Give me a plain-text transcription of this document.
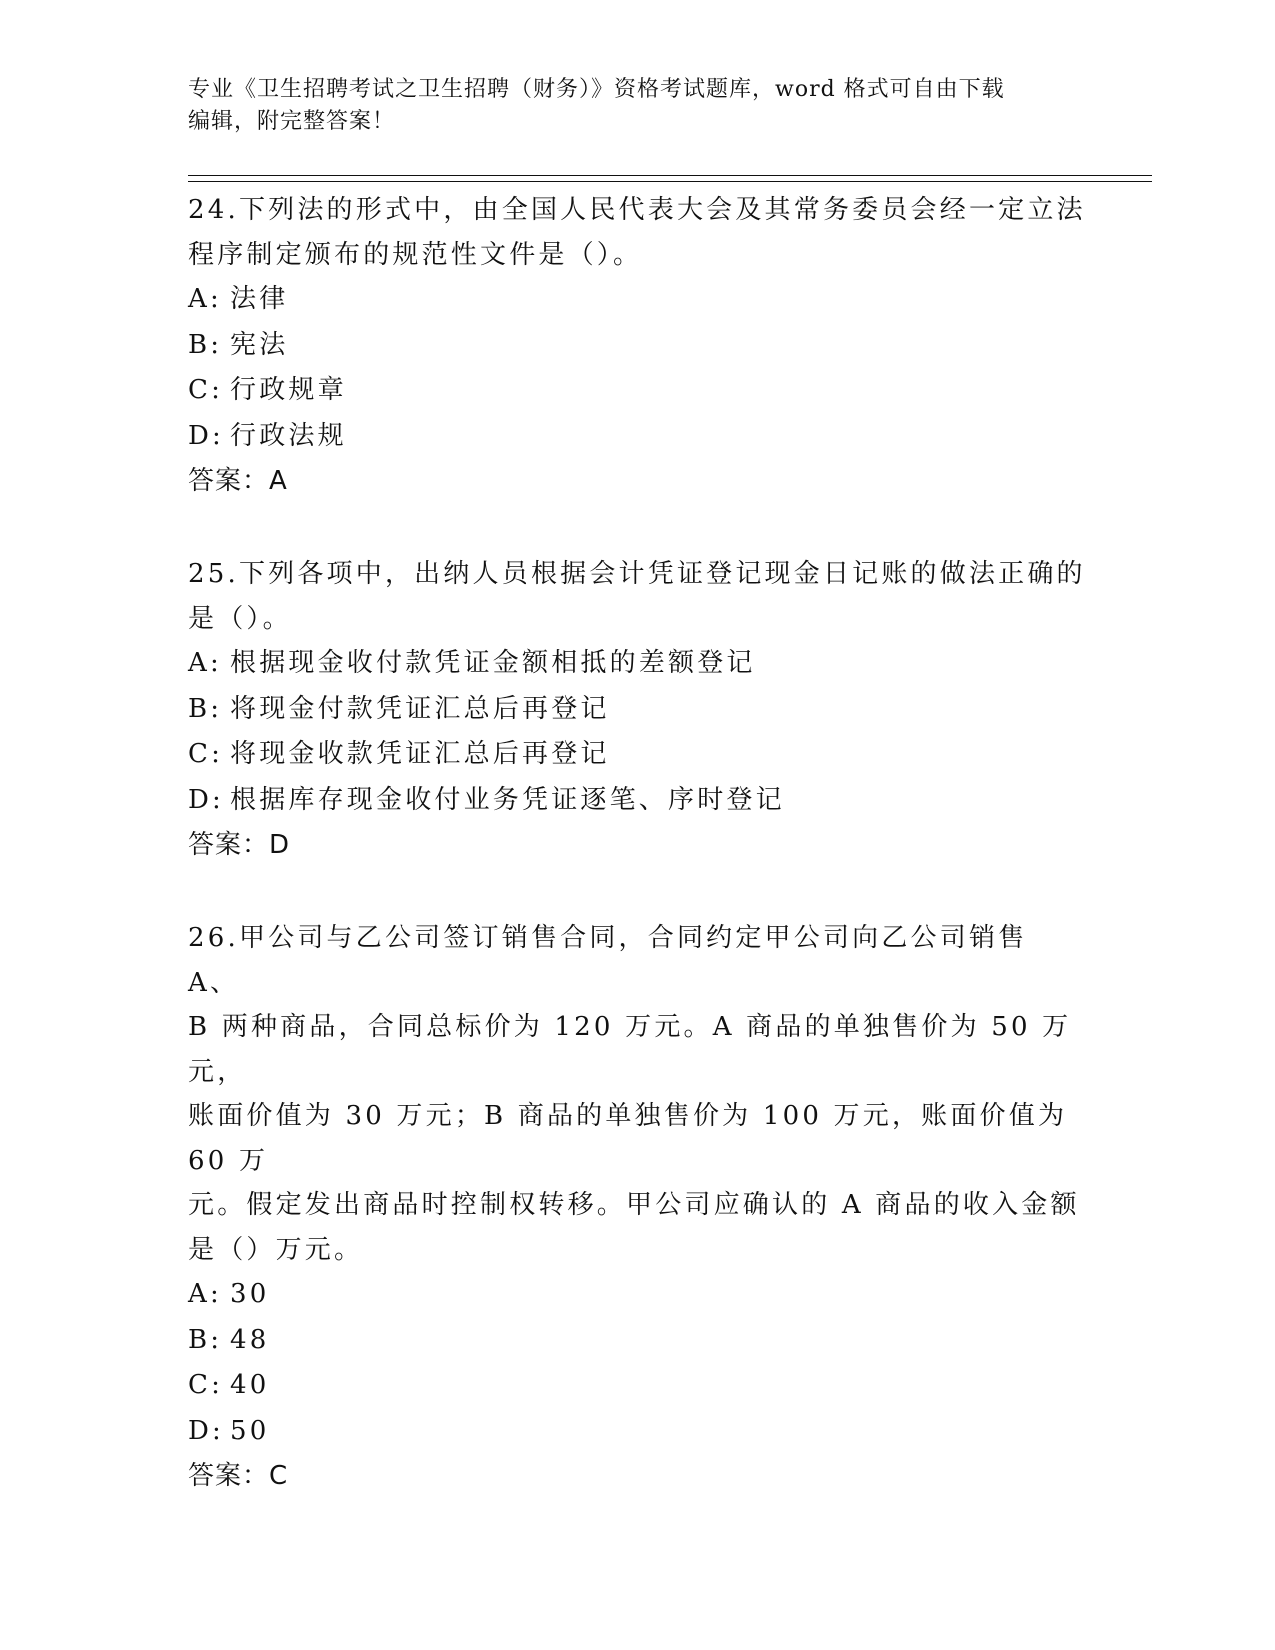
专业《卫生招聘考试之卫生招聘（财务）》资格考试题库，word 格式可自由下载
编辑，附完整答案！

24.下列法的形式中，由全国人民代表大会及其常务委员会经一定立法

程序制定颁布的规范性文件是（）。

A: 法律
B: 宪法
C: 行政规章
D: 行政法规

答案：A

25.下列各项中，出纳人员根据会计凭证登记现金日记账的做法正确的

是（）。

A: 根据现金收付款凭证金额相抵的差额登记
B: 将现金付款凭证汇总后再登记
C: 将现金收款凭证汇总后再登记
D: 根据库存现金收付业务凭证逐笔、序时登记

答案：D

26.甲公司与乙公司签订销售合同，合同约定甲公司向乙公司销售 A、

B 两种商品，合同总标价为 120 万元。A 商品的单独售价为 50 万元，

账面价值为 30 万元；B 商品的单独售价为 100 万元，账面价值为 60 万

元。假定发出商品时控制权转移。甲公司应确认的 A 商品的收入金额

是（）万元。

A: 30
B: 48
C: 40
D: 50

答案：C
